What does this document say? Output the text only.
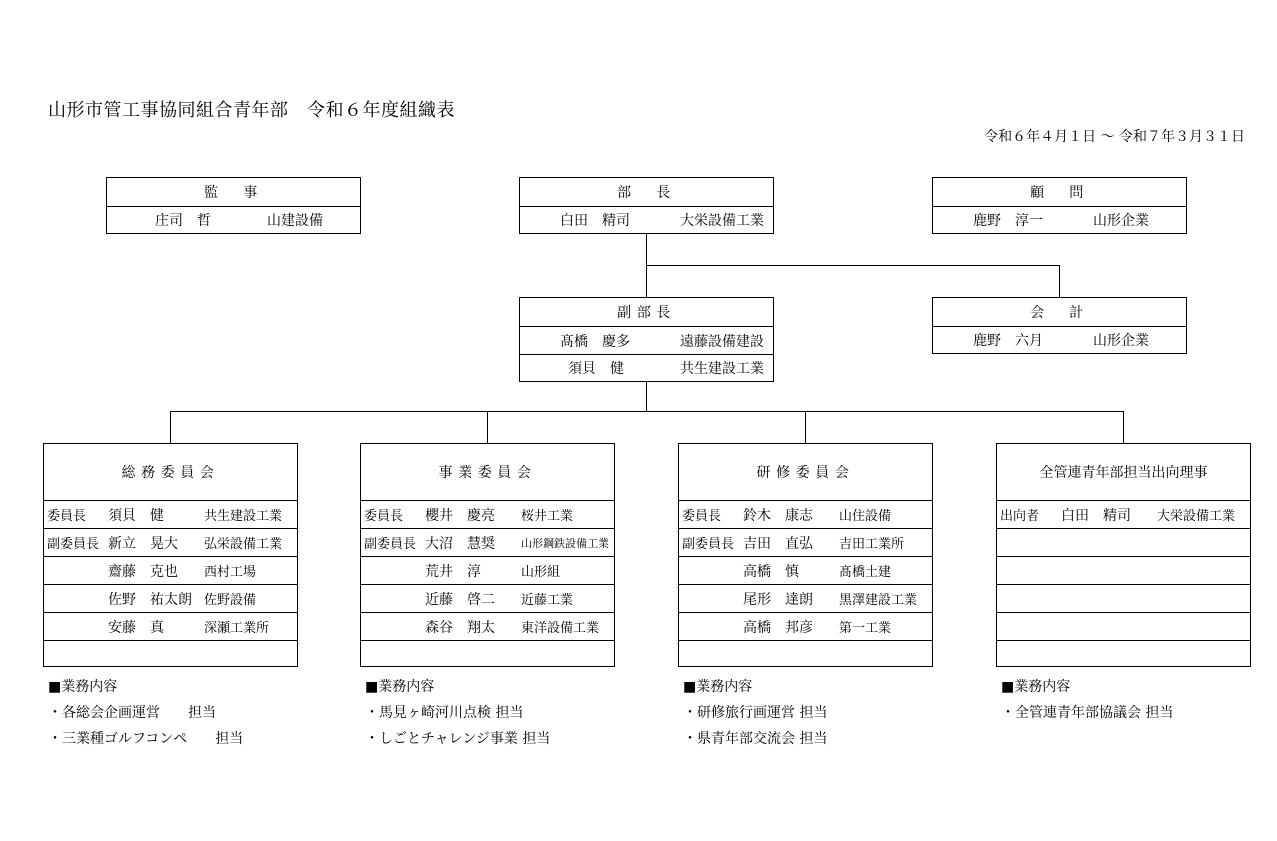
山形市管工事協同組合青年部　令和６年度組織表
令和６年４月１日 ～ 令和７年３月３１日
監　事
庄司　哲	山建設備
部　長
白田　精司	大栄設備工業
顧　問
鹿野　淳一	山形企業
副部長
髙橋　慶多	遠藤設備建設
須貝　健	共生建設工業
会　計
鹿野　六月	山形企業
総務委員会
委員長	須貝　健	共生建設工業
副委員長 新立　晃大	弘栄設備工業
齋藤　克也	西村工場
佐野　祐太朗 佐野設備
安藤　真	深瀬工業所
事業委員会
委員長	櫻井　慶亮	桜井工業
副委員長 大沼　慧奨	山形鋼鉄設備工業
荒井　淳	山形組
近藤　啓二	近藤工業
森谷　翔太	東洋設備工業
研修委員会
委員長	鈴木　康志	山住設備
副委員長 吉田　直弘	吉田工業所
高橋　慎	髙橋土建
尾形　達朗	黒澤建設工業
高橋　邦彦	第一工業
全管連青年部担当出向理事
出向者	白田　精司	大栄設備工業
■業務内容
・各総会企画運営　　担当
・三業種ゴルフコンペ　　担当
■業務内容
・馬見ヶ崎河川点検 担当
・しごとチャレンジ事業 担当
■業務内容
・研修旅行画運営 担当
・県青年部交流会 担当
■業務内容
・全管連青年部協議会 担当
